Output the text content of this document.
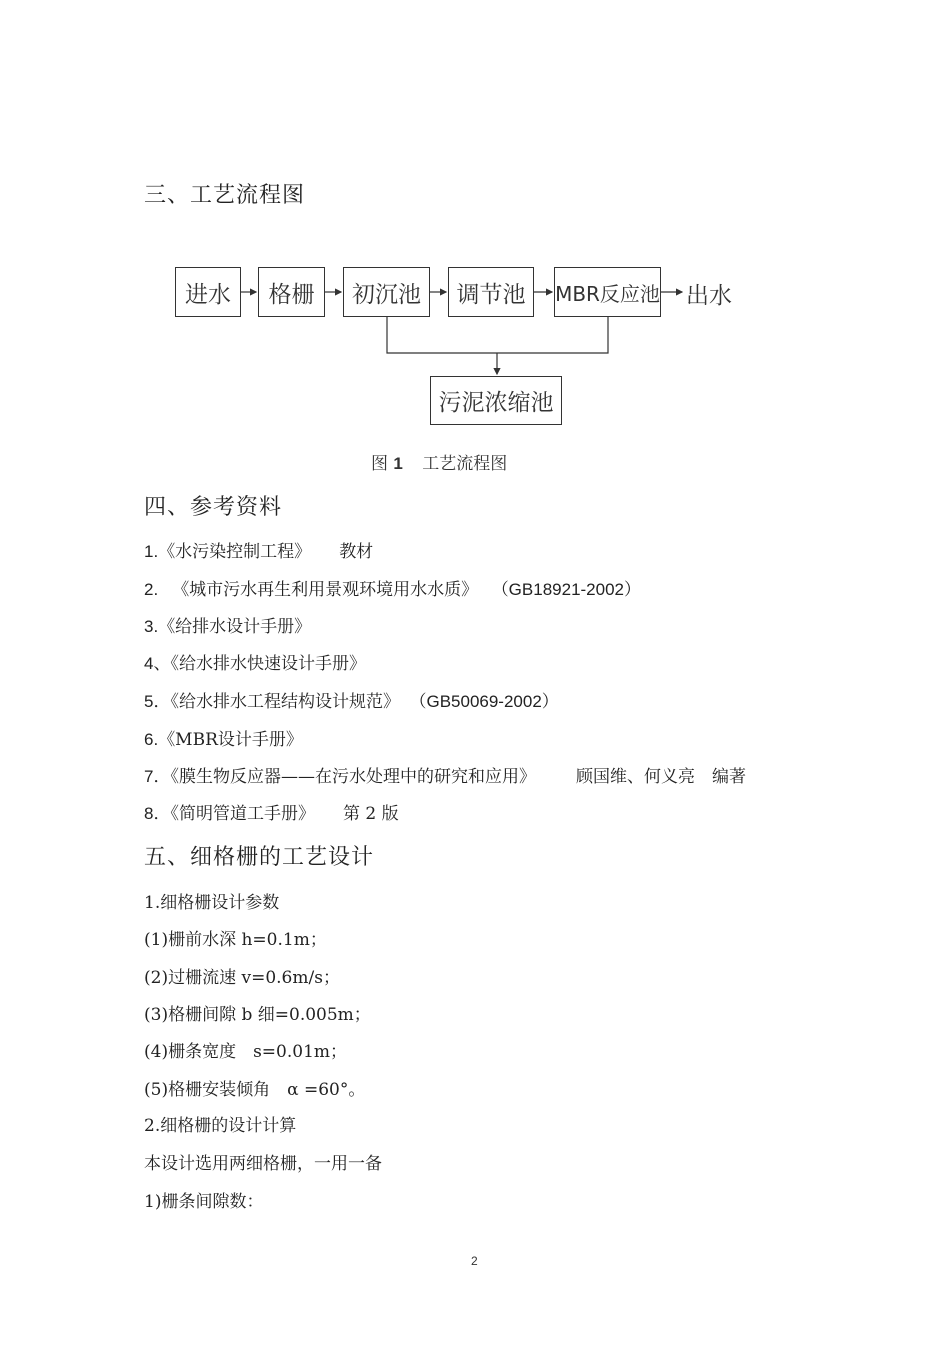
三、工艺流程图
进水	格栅	初沉池	调节池	MBR反应池 出水
污泥浓缩池
图 1 工艺流程图
四、参考资料
1.《水污染控制工程》 教材
2. 《城市污水再生利用景观环境用水水质》 （GB18921-2002）
3.《给排水设计手册》
4、《给水排水快速设计手册》
5．《给水排水工程结构设计规范》 （GB50069-2002）
6.《MBR设计手册》
7．《膜生物反应器——在污水处理中的研究和应用》 顾国维、何义亮　编著
8．《简明管道工手册》 第 2 版
五、细格栅的工艺设计
1.细格栅设计参数
(1)栅前水深 h=0.1m；
(2)过栅流速 v=0.6m/s；
(3)格栅间隙 b 细=0.005m；
(4)栅条宽度　s=0.01m；
(5)格栅安装倾角　α =60°。
2.细格栅的设计计算
本设计选用两细格栅，一用一备
1)栅条间隙数：
2
